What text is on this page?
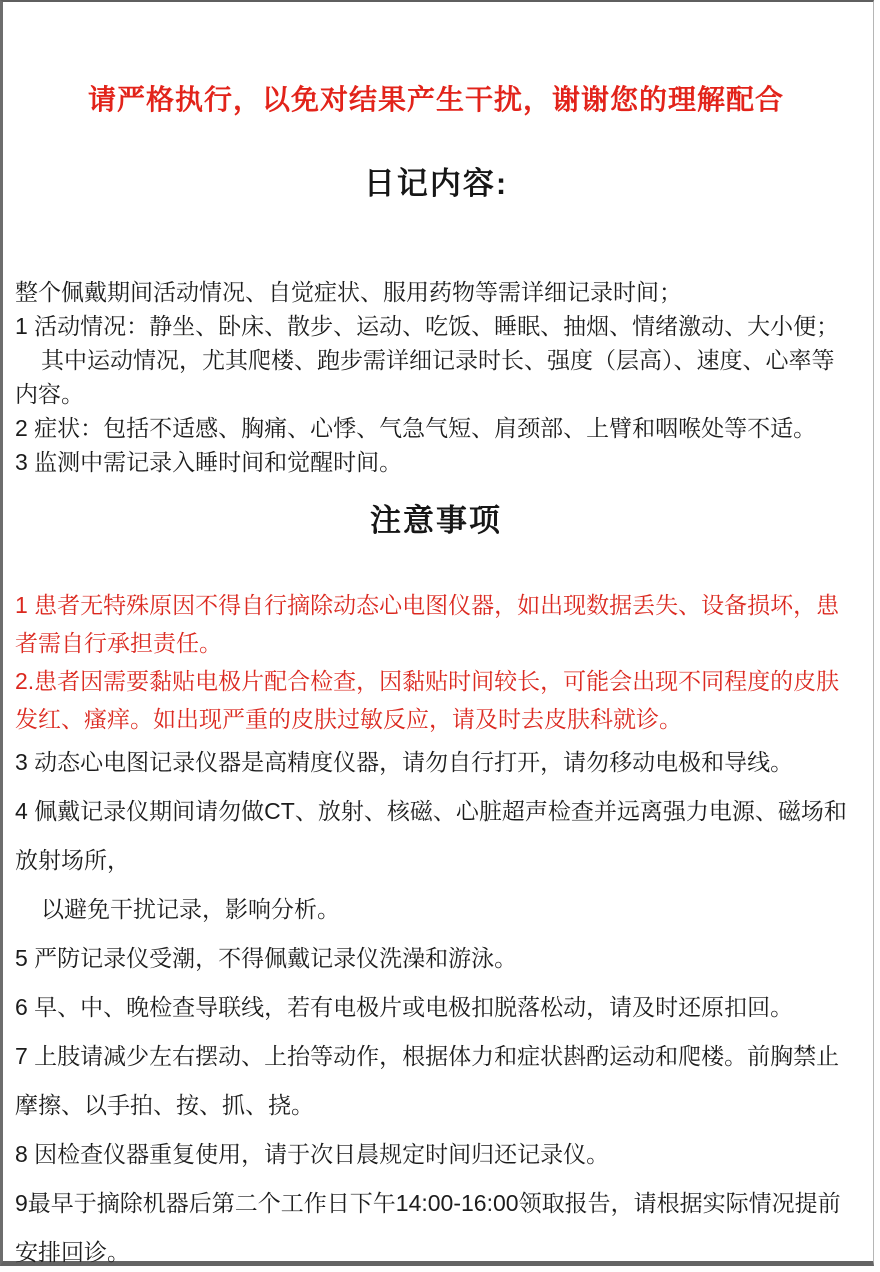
请严格执行，以免对结果产生干扰，谢谢您的理解配合

日记内容:

整个佩戴期间活动情况、自觉症状、服用药物等需详细记录时间；

1 活动情况：静坐、卧床、散步、运动、吃饭、睡眠、抽烟、情绪激动、大小便；

其中运动情况，尤其爬楼、跑步需详细记录时长、强度（层高）、速度、心率等内容。

2 症状：包括不适感、胸痛、心悸、气急气短、肩颈部、上臂和咽喉处等不适。

3 监测中需记录入睡时间和觉醒时间。

注意事项

1 患者无特殊原因不得自行摘除动态心电图仪器，如出现数据丢失、设备损坏，患者需自行承担责任。

2.患者因需要黏贴电极片配合检查，因黏贴时间较长，可能会出现不同程度的皮肤发红、瘙痒。如出现严重的皮肤过敏反应，请及时去皮肤科就诊。

3 动态心电图记录仪器是高精度仪器，请勿自行打开，请勿移动电极和导线。

4 佩戴记录仪期间请勿做CT、放射、核磁、心脏超声检查并远离强力电源、磁场和放射场所，

以避免干扰记录，影响分析。

5 严防记录仪受潮，不得佩戴记录仪洗澡和游泳。

6 早、中、晚检查导联线，若有电极片或电极扣脱落松动，请及时还原扣回。

7 上肢请减少左右摆动、上抬等动作，根据体力和症状斟酌运动和爬楼。前胸禁止摩擦、以手拍、按、抓、挠。

8 因检查仪器重复使用，请于次日晨规定时间归还记录仪。

9最早于摘除机器后第二个工作日下午14:00-16:00领取报告，请根据实际情况提前安排回诊。
